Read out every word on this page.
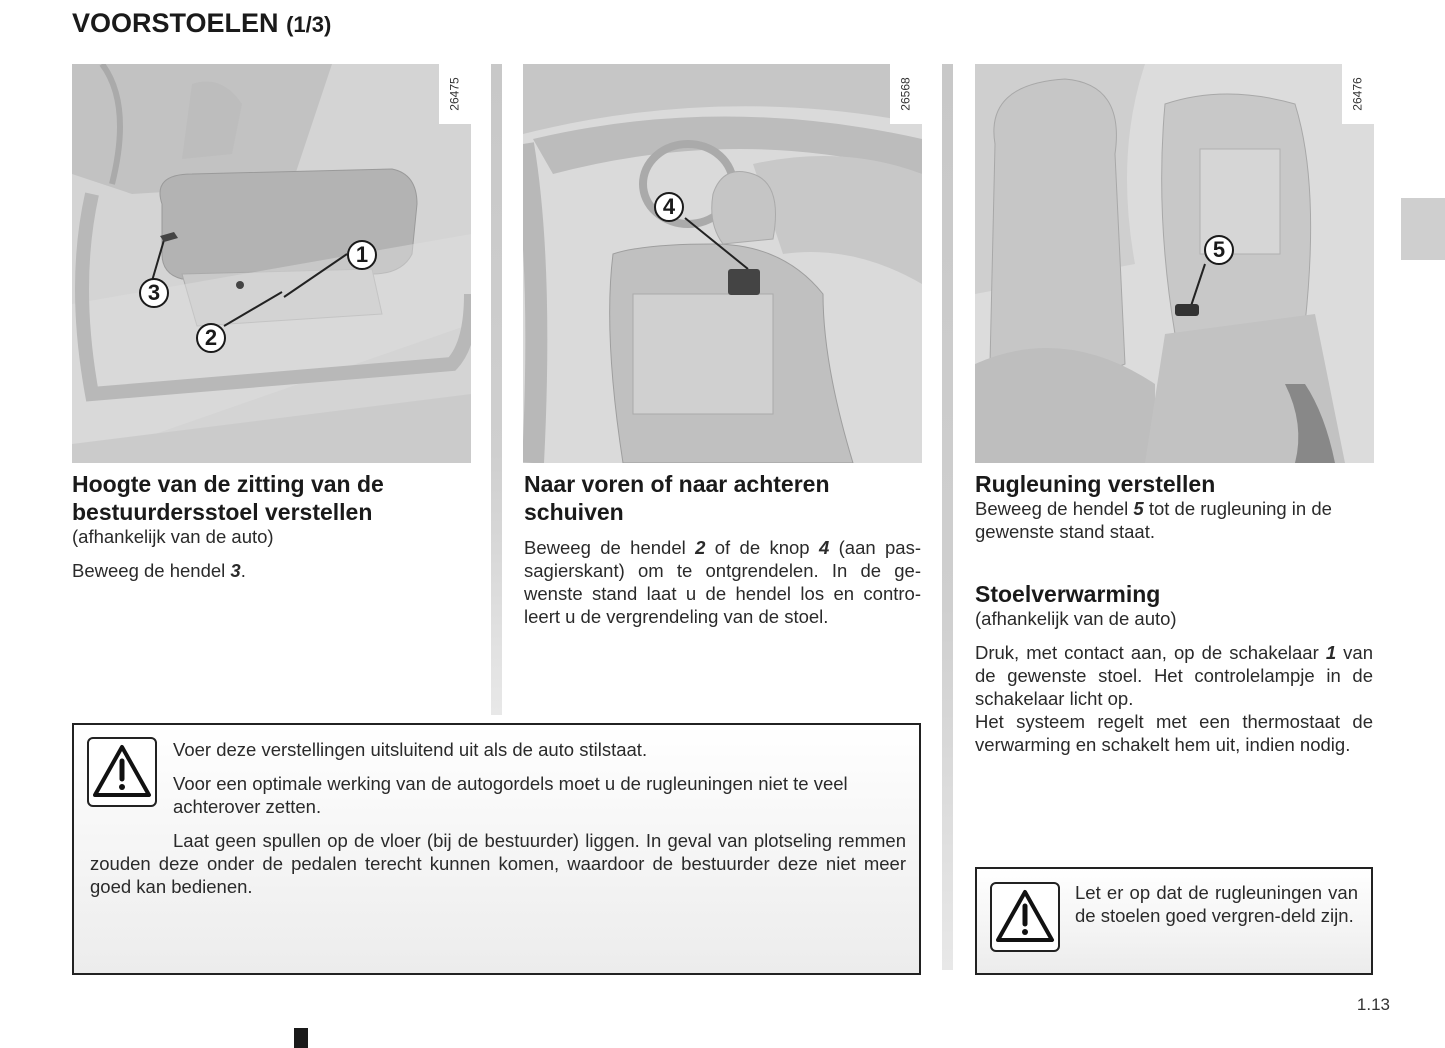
VOORSTOELEN (1/3)
26475
1
2
3
26568
4
26476
5
Hoogte van de zitting van de
bestuurdersstoel verstellen

(afhankelijk van de auto)

Beweeg de hendel 3.

Naar voren of naar achteren
schuiven

Beweeg de hendel 2 of de knop 4 (aan pas-sagierskant) om te ontgrendelen. In de ge-wenste stand laat u de hendel los en contro-leert u de vergrendeling van de stoel.

Rugleuning verstellen

Beweeg de hendel 5 tot de rugleuning in de gewenste stand staat.

Stoelverwarming

(afhankelijk van de auto)

Druk, met contact aan, op de schakelaar 1 van de gewenste stoel. Het controlelampje in de schakelaar licht op.
Het systeem regelt met een thermostaat de verwarming en schakelt hem uit, indien nodig.

Voer deze verstellingen uitsluitend uit als de auto stilstaat.

Voor een optimale werking van de autogordels moet u de rugleuningen niet te veel achterover zetten.

Laat geen spullen op de vloer (bij de bestuurder) liggen. In geval van plotseling remmen zouden deze onder de pedalen terecht kunnen komen, waardoor de bestuurder deze niet meer goed kan bedienen.	Let er op dat de rugleuningen van de stoelen goed vergren-deld zijn.

1.13
